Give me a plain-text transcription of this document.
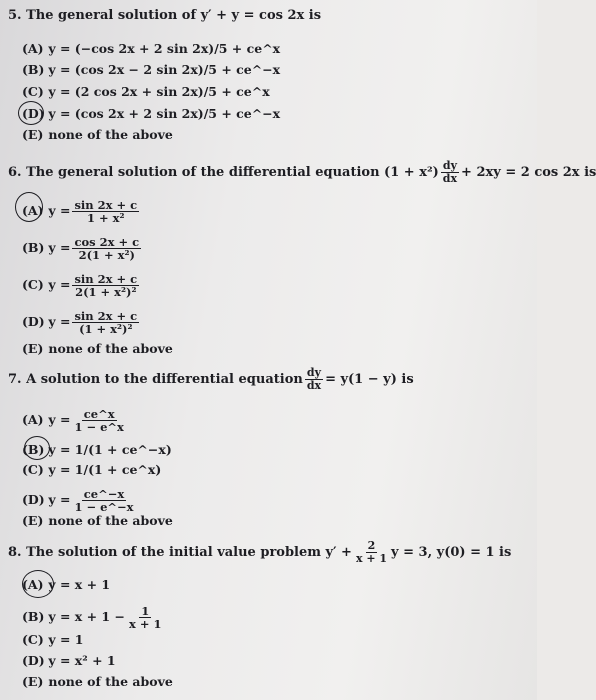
5. The general solution of y′ + y = cos 2x is
(A) y = (−cos 2x + 2 sin 2x)/5 + ce^x
(B) y = (cos 2x − 2 sin 2x)/5 + ce^−x
(C) y = (2 cos 2x + sin 2x)/5 + ce^x
(D) y = (cos 2x + 2 sin 2x)/5 + ce^−x
(E) none of the above
6. The general solution of the differential equation $(1 + x^2) \frac{dy}{dx} + 2xy = 2$ cos 2x is
(A) $y = \frac{\sin 2x + c}{\text{1 + x²}}$
(B) $y = \frac{\cos 2x + c}{\text{2(1 + x²)}}$
(C) $y = \frac{\sin 2x + c}{\text{2(1 + x²)²}}$
(D) $y = \frac{\sin 2x + c}{\text{(1 + x²)²}}$
(E) none of the above
7. A solution to the differential equation $\frac{dy}{dx} = y(1 - y)$ is
(A) $y = \frac{ce\^{}x}{1 - e\^{}x}$
(B) y = 1/(1 + ce^−x)
(C) y = 1/(1 + ce^x)
(D) $y = \frac{ce\^{}-x}{1 - e\^{}-x}$
(E) none of the above
8. The solution of the initial value problem $y' + \frac{2}{x + 1}$ y = 3, y(0) = 1 is
(A) y = x + 1
(B) $y = x + 1 - \frac{1}{x + 1}$
(C) y = 1
(D) y = x² + 1
(E) none of the above
